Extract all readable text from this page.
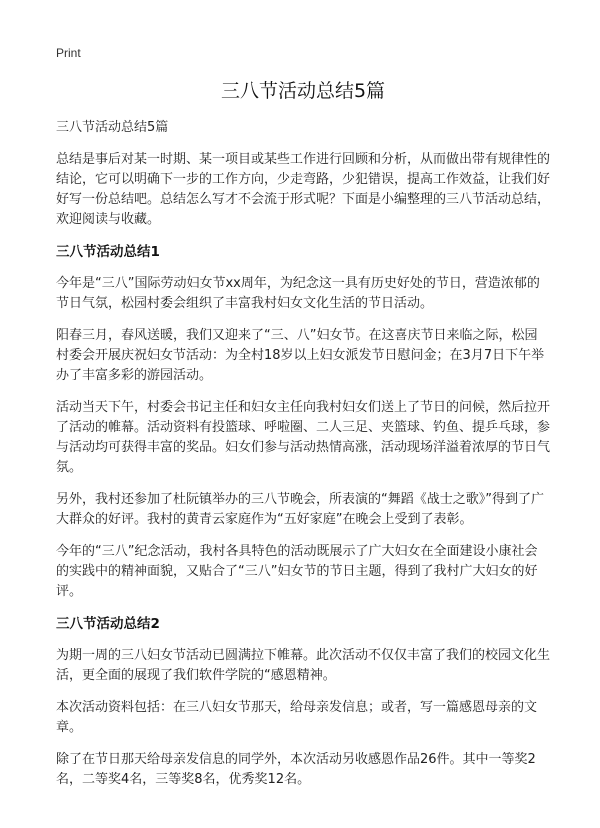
Print
三八节活动总结5篇

三八节活动总结5篇

总结是事后对某一时期、某一项目或某些工作进行回顾和分析，从而做出带有规律性的结论，它可以明确下一步的工作方向，少走弯路，少犯错误，提高工作效益，让我们好好写一份总结吧。总结怎么写才不会流于形式呢？下面是小编整理的三八节活动总结，欢迎阅读与收藏。

三八节活动总结1

今年是“三八”国际劳动妇女节xx周年，为纪念这一具有历史好处的节日，营造浓郁的节日气氛，松园村委会组织了丰富我村妇女文化生活的节日活动。

阳春三月，春风送暖，我们又迎来了“三、八”妇女节。在这喜庆节日来临之际，松园村委会开展庆祝妇女节活动：为全村18岁以上妇女派发节日慰问金；在3月7日下午举办了丰富多彩的游园活动。

活动当天下午，村委会书记主任和妇女主任向我村妇女们送上了节日的问候，然后拉开了活动的帷幕。活动资料有投篮球、呼啦圈、二人三足、夹篮球、钓鱼、提乒乓球，参与活动均可获得丰富的奖品。妇女们参与活动热情高涨，活动现场洋溢着浓厚的节日气氛。

另外，我村还参加了杜阮镇举办的三八节晚会，所表演的“舞蹈《战士之歌》”得到了广大群众的好评。我村的黄青云家庭作为“五好家庭”在晚会上受到了表彰。

今年的“三八”纪念活动，我村各具特色的活动既展示了广大妇女在全面建设小康社会的实践中的精神面貌，又贴合了“三八”妇女节的节日主题，得到了我村广大妇女的好评。

三八节活动总结2

为期一周的三八妇女节活动已圆满拉下帷幕。此次活动不仅仅丰富了我们的校园文化生活，更全面的展现了我们软件学院的“感恩精神。

本次活动资料包括：在三八妇女节那天，给母亲发信息；或者，写一篇感恩母亲的文章。

除了在节日那天给母亲发信息的同学外，本次活动另收感恩作品26件。其中一等奖2名，二等奖4名，三等奖8名，优秀奖12名。
